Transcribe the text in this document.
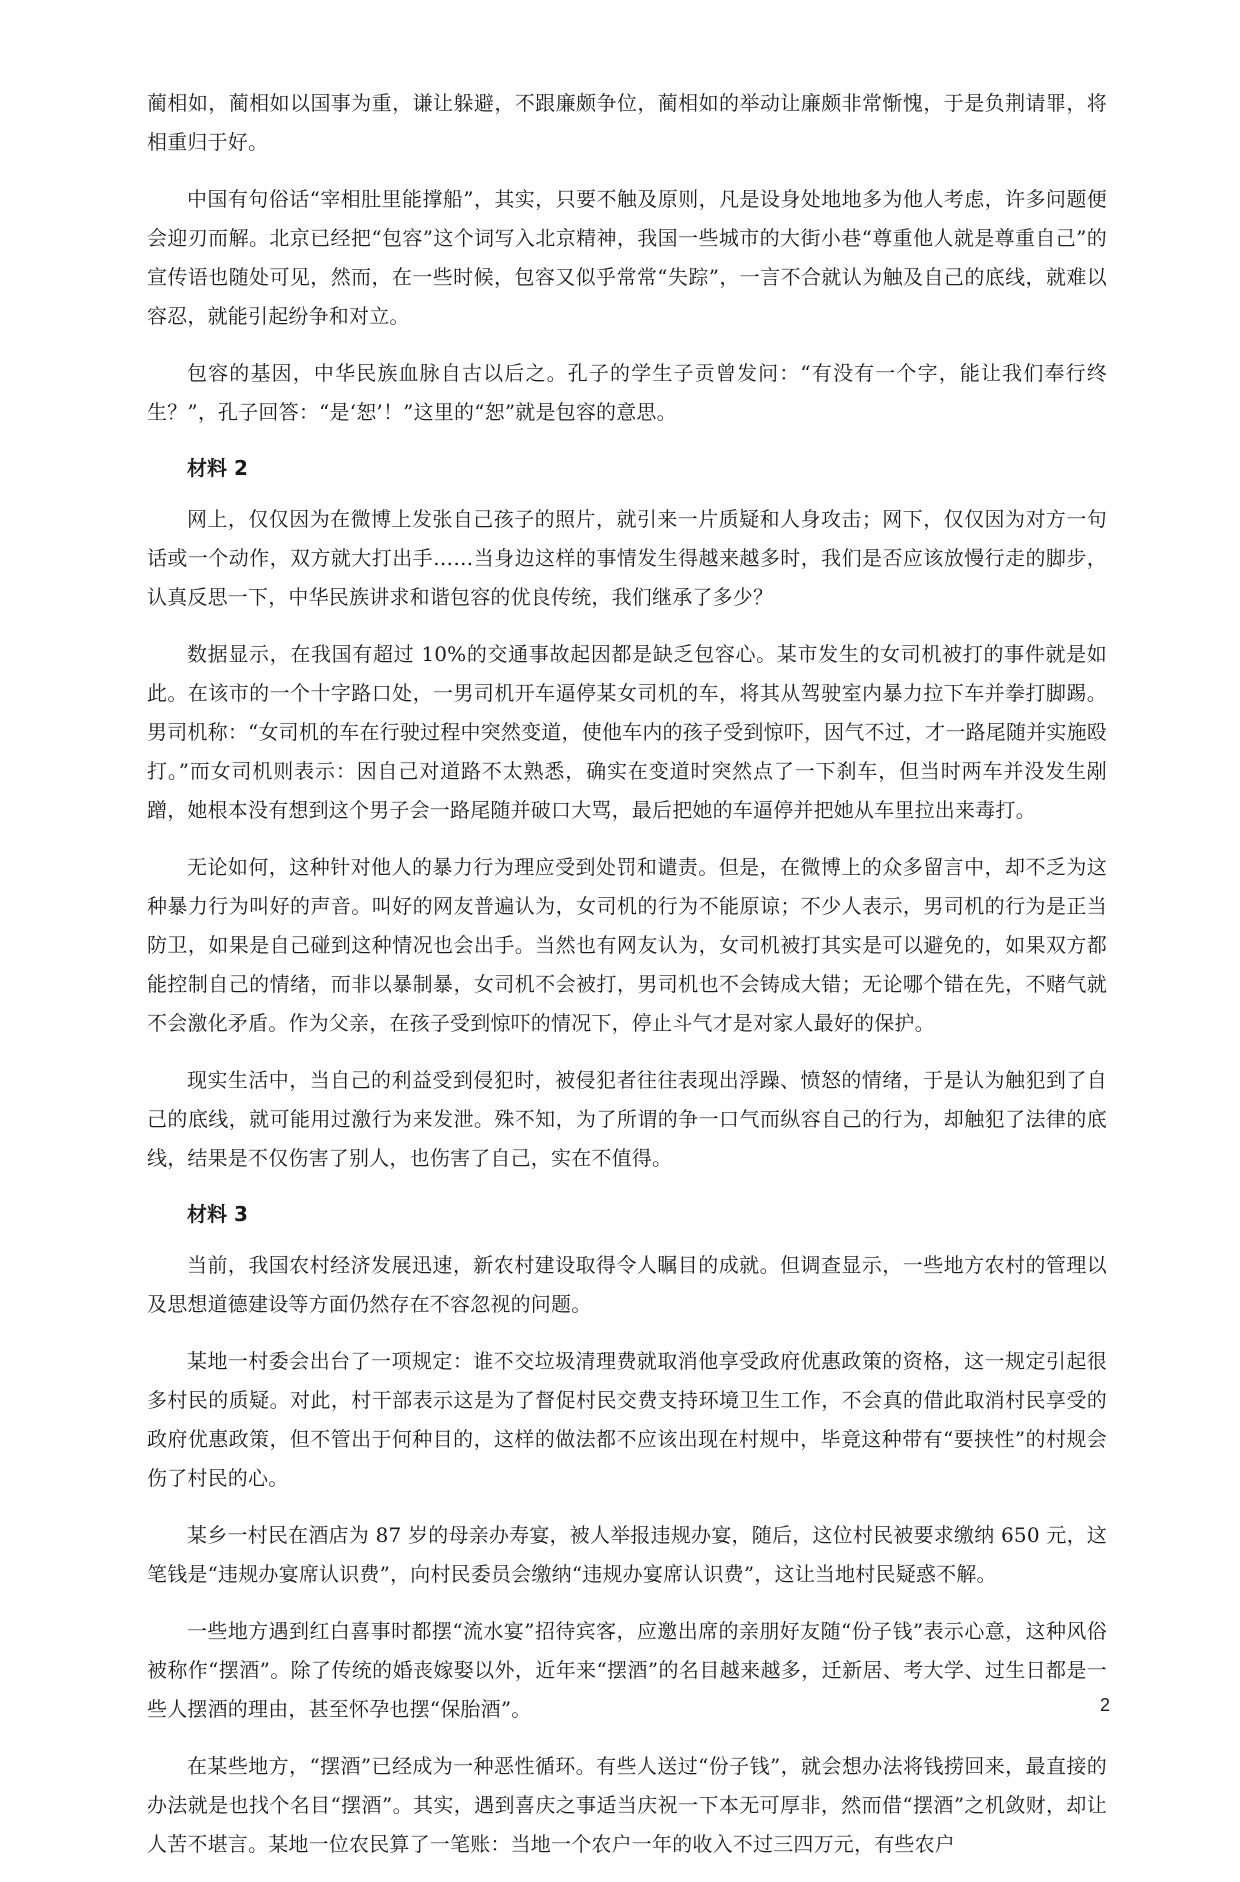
蔺相如，蔺相如以国事为重，谦让躲避，不跟廉颇争位，蔺相如的举动让廉颇非常惭愧，于是负荆请罪，将相重归于好。

中国有句俗话“宰相肚里能撑船”，其实，只要不触及原则，凡是设身处地地多为他人考虑，许多问题便会迎刃而解。北京已经把“包容”这个词写入北京精神，我国一些城市的大街小巷“尊重他人就是尊重自己”的宣传语也随处可见，然而，在一些时候，包容又似乎常常“失踪”，一言不合就认为触及自己的底线，就难以容忍，就能引起纷争和对立。

包容的基因，中华民族血脉自古以后之。孔子的学生子贡曾发问：“有没有一个字，能让我们奉行终生？”，孔子回答：“是‘恕’！”这里的“恕”就是包容的意思。

材料 2

网上，仅仅因为在微博上发张自己孩子的照片，就引来一片质疑和人身攻击；网下，仅仅因为对方一句话或一个动作，双方就大打出手……当身边这样的事情发生得越来越多时，我们是否应该放慢行走的脚步，认真反思一下，中华民族讲求和谐包容的优良传统，我们继承了多少？

数据显示，在我国有超过 10%的交通事故起因都是缺乏包容心。某市发生的女司机被打的事件就是如此。在该市的一个十字路口处，一男司机开车逼停某女司机的车，将其从驾驶室内暴力拉下车并拳打脚踢。男司机称：“女司机的车在行驶过程中突然变道，使他车内的孩子受到惊吓，因气不过，才一路尾随并实施殴打。”而女司机则表示：因自己对道路不太熟悉，确实在变道时突然点了一下刹车，但当时两车并没发生剐蹭，她根本没有想到这个男子会一路尾随并破口大骂，最后把她的车逼停并把她从车里拉出来毒打。

无论如何，这种针对他人的暴力行为理应受到处罚和谴责。但是，在微博上的众多留言中，却不乏为这种暴力行为叫好的声音。叫好的网友普遍认为，女司机的行为不能原谅；不少人表示，男司机的行为是正当防卫，如果是自己碰到这种情况也会出手。当然也有网友认为，女司机被打其实是可以避免的，如果双方都能控制自己的情绪，而非以暴制暴，女司机不会被打，男司机也不会铸成大错；无论哪个错在先，不赌气就不会激化矛盾。作为父亲，在孩子受到惊吓的情况下，停止斗气才是对家人最好的保护。

现实生活中，当自己的利益受到侵犯时，被侵犯者往往表现出浮躁、愤怒的情绪，于是认为触犯到了自己的底线，就可能用过激行为来发泄。殊不知，为了所谓的争一口气而纵容自己的行为，却触犯了法律的底线，结果是不仅伤害了别人，也伤害了自己，实在不值得。

材料 3

当前，我国农村经济发展迅速，新农村建设取得令人瞩目的成就。但调查显示，一些地方农村的管理以及思想道德建设等方面仍然存在不容忽视的问题。

某地一村委会出台了一项规定：谁不交垃圾清理费就取消他享受政府优惠政策的资格，这一规定引起很多村民的质疑。对此，村干部表示这是为了督促村民交费支持环境卫生工作，不会真的借此取消村民享受的政府优惠政策，但不管出于何种目的，这样的做法都不应该出现在村规中，毕竟这种带有“要挟性”的村规会伤了村民的心。

某乡一村民在酒店为 87 岁的母亲办寿宴，被人举报违规办宴，随后，这位村民被要求缴纳 650 元，这笔钱是“违规办宴席认识费”，向村民委员会缴纳“违规办宴席认识费”，这让当地村民疑惑不解。

一些地方遇到红白喜事时都摆“流水宴”招待宾客，应邀出席的亲朋好友随“份子钱”表示心意，这种风俗被称作“摆酒”。除了传统的婚丧嫁娶以外，近年来“摆酒”的名目越来越多，迁新居、考大学、过生日都是一些人摆酒的理由，甚至怀孕也摆“保胎酒”。

在某些地方，“摆酒”已经成为一种恶性循环。有些人送过“份子钱”，就会想办法将钱捞回来，最直接的办法就是也找个名目“摆酒”。其实，遇到喜庆之事适当庆祝一下本无可厚非，然而借“摆酒”之机敛财，却让人苦不堪言。某地一位农民算了一笔账：当地一个农户一年的收入不过三四万元，有些农户

2
